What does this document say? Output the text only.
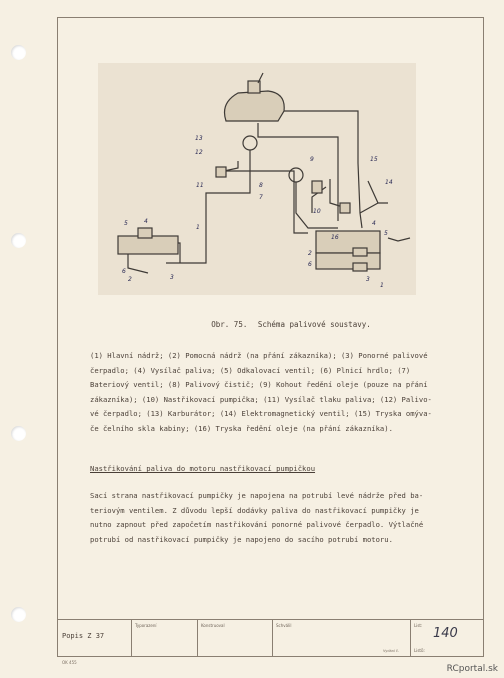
13
12
11	8
7
9	15
14
10
16
4
5
2
6
3
1
5	4
1
6
2	3
Obr. 75. Schéma palivové soustavy.
(1) Hlavní nádrž; (2) Pomocná nádrž (na přání zákazníka); (3) Ponorné palivové
čerpadlo; (4) Vysílač paliva; (5) Odkalovací ventil; (6) Plnicí hrdlo; (7)
Bateriový ventil; (8) Palivový čistič; (9) Kohout ředění oleje (pouze na přání
zákazníka); (10) Nastřikovací pumpička; (11) Vysílač tlaku paliva; (12) Palivo-
vé čerpadlo; (13) Karburátor; (14) Elektromagnetický ventil; (15) Tryska omýva-
če čelního skla kabiny; (16) Tryska ředění oleje (na přání zákazníka).
Nastřikování paliva do motoru nastřikovací pumpičkou
Sací strana nastřikovací pumpičky je napojena na potrubí levé nádrže před ba-
teriovým ventilem. Z důvodu lepší dodávky paliva do nastřikovací pumpičky je
nutno zapnout před započetím nastřikování ponorné palivové čerpadlo. Výtlačné
potrubí od nastřikovací pumpičky je napojeno do sacího potrubí motoru.
Popis Z 37
Typorazení	Konstruoval	Schválil
Vydání č.
List:
140
Listů:
OK 455
RCportal.sk
